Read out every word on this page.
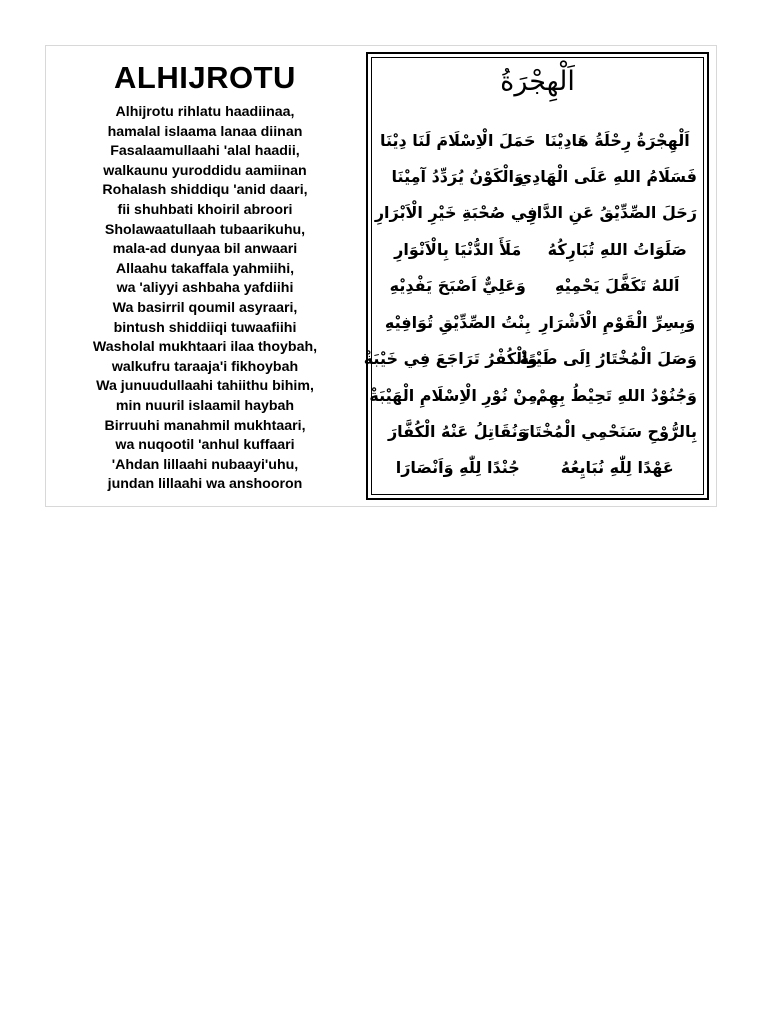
ALHIJROTU
Alhijrotu rihlatu haadiinaa,
hamalal islaama lanaa diinan
Fasalaamullaahi 'alal haadii,
walkaunu yuroddidu aamiinan
Rohalash shiddiqu 'anid daari,
fii shuhbati khoiril abroori
Sholawaatullaah tubaarikuhu,
mala-ad dunyaa bil anwaari
Allaahu takaffala yahmiihi,
wa 'aliyyi ashbaha yafdiihi
Wa basirril qoumil asyraari,
bintush shiddiiqi tuwaafiihi
Washolal mukhtaari ilaa thoybah,
walkufru taraaja'i fikhoybah
Wa junuudullaahi tahiithu bihim,
min nuuril islaamil haybah
Birruuhi manahmil mukhtaari,
wa nuqootil 'anhul kuffaari
'Ahdan lillaahi nubaayi'uhu,
jundan lillaahi wa anshooron
اَلْهِجْرَةُ
اَلْهِجْرَةُ رِحْلَةُ هَادِيْنَا
حَمَلَ الْاِسْلَامَ لَنَا دِيْنَا
فَسَلَامُ اللهِ عَلَى الْهَادِي
وَالْكَوْنُ يُرَدِّدُ آمِيْنَا
رَحَلَ الصِّدِّيْقُ عَنِ الدَّارِ
فِي صُحْبَةِ خَيْرِ الْاَبْرَارِ
صَلَوَاتُ اللهِ تُبَارِكُهُ
مَلَأَ الدُّنْيَا بِالْاَنْوَارِ
اَللهُ تَكَفَّلَ يَحْمِيْهِ
وَعَلِيٌّ اَصْبَحَ يَفْدِيْهِ
وَبِسِرِّ الْقَوْمِ الْاَشْرَارِ
بِنْتُ الصِّدِّيْقِ تُوَافِيْهِ
وَصَلَ الْمُخْتَارُ اِلَى طَيْبَةْ
وَالْكُفْرُ تَرَاجَعَ فِي خَيْبَةْ
وَجُنُوْدُ اللهِ تَحِيْطُ بِهِمْ
مِنْ نُوْرِ الْاِسْلَامِ الْهَيْبَةْ
بِالرُّوْحِ سَنَحْمِي الْمُخْتَارَ
وَنُقَاتِلُ عَنْهُ الْكُفَّارَ
عَهْدًا لِلّٰهِ نُبَايِعُهُ
جُنْدًا لِلّٰهِ وَاَنْصَارَا
